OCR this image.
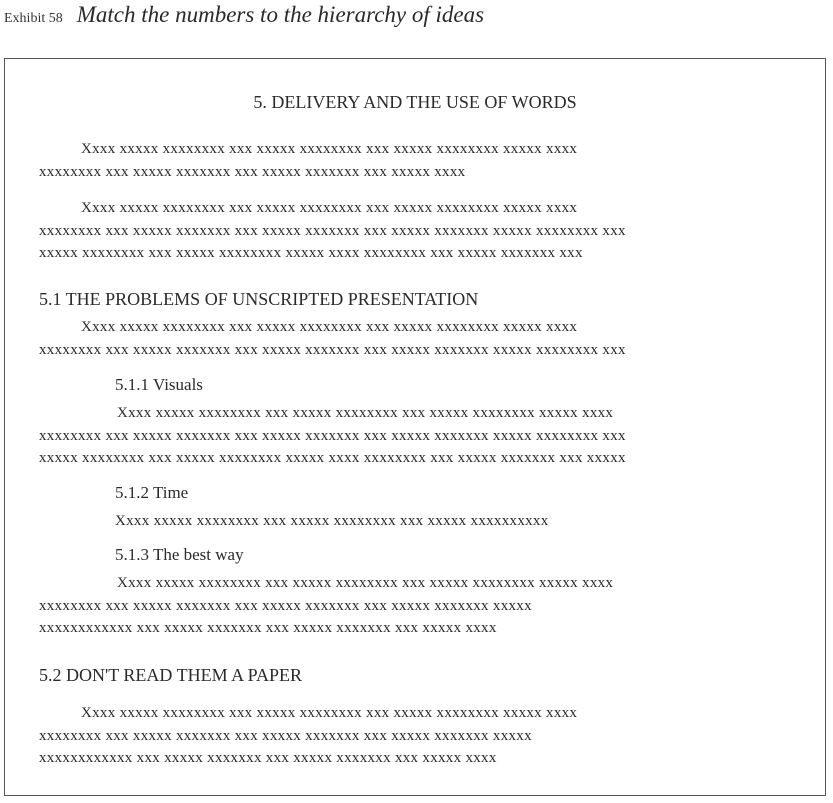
Exhibit 58 Match the numbers to the hierarchy of ideas
5. DELIVERY AND THE USE OF WORDS
Xxxx xxxxx xxxxxxxx xxx xxxxx xxxxxxxx xxx xxxxx xxxxxxxx xxxxx xxxx
xxxxxxxx xxx xxxxx xxxxxxx xxx xxxxx xxxxxxx xxx xxxxx xxxx
Xxxx xxxxx xxxxxxxx xxx xxxxx xxxxxxxx xxx xxxxx xxxxxxxx xxxxx xxxx
xxxxxxxx xxx xxxxx xxxxxxx xxx xxxxx xxxxxxx xxx xxxxx xxxxxxx xxxxx xxxxxxxx xxx
xxxxx xxxxxxxx xxx xxxxx xxxxxxxx xxxxx xxxx xxxxxxxx xxx xxxxx xxxxxxx xxx
5.1 THE PROBLEMS OF UNSCRIPTED PRESENTATION
Xxxx xxxxx xxxxxxxx xxx xxxxx xxxxxxxx xxx xxxxx xxxxxxxx xxxxx xxxx
xxxxxxxx xxx xxxxx xxxxxxx xxx xxxxx xxxxxxx xxx xxxxx xxxxxxx xxxxx xxxxxxxx xxx
5.1.1 Visuals
Xxxx xxxxx xxxxxxxx xxx xxxxx xxxxxxxx xxx xxxxx xxxxxxxx xxxxx xxxx
xxxxxxxx xxx xxxxx xxxxxxx xxx xxxxx xxxxxxx xxx xxxxx xxxxxxx xxxxx xxxxxxxx xxx
xxxxx xxxxxxxx xxx xxxxx xxxxxxxx xxxxx xxxx xxxxxxxx xxx xxxxx xxxxxxx xxx xxxxx
5.1.2 Time
Xxxx xxxxx xxxxxxxx xxx xxxxx xxxxxxxx xxx xxxxx xxxxxxxxxx
5.1.3 The best way
Xxxx xxxxx xxxxxxxx xxx xxxxx xxxxxxxx xxx xxxxx xxxxxxxx xxxxx xxxx
xxxxxxxx xxx xxxxx xxxxxxx xxx xxxxx xxxxxxx xxx xxxxx xxxxxxx xxxxx
xxxxxxxxxxxx xxx xxxxx xxxxxxx xxx xxxxx xxxxxxx xxx xxxxx xxxx
5.2 DON'T READ THEM A PAPER
Xxxx xxxxx xxxxxxxx xxx xxxxx xxxxxxxx xxx xxxxx xxxxxxxx xxxxx xxxx
xxxxxxxx xxx xxxxx xxxxxxx xxx xxxxx xxxxxxx xxx xxxxx xxxxxxx xxxxx
xxxxxxxxxxxx xxx xxxxx xxxxxxx xxx xxxxx xxxxxxx xxx xxxxx xxxx
